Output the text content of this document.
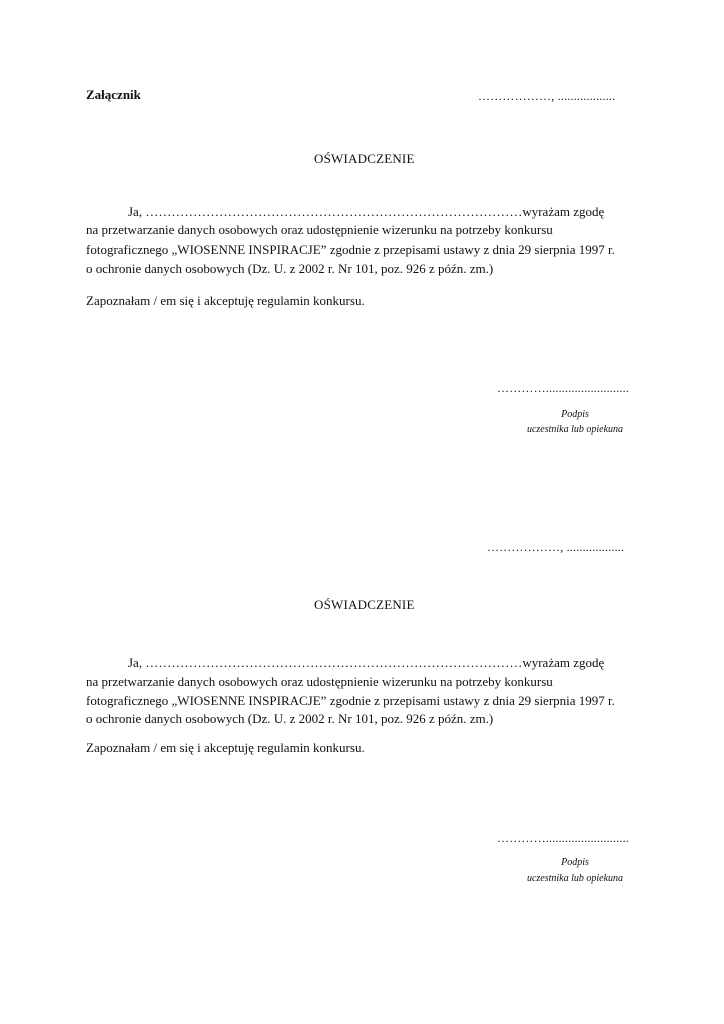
Załącznik	………………, ..................
OŚWIADCZENIE
Ja, ……………………………………………………………………………wyrażam zgodę
na przetwarzanie danych osobowych oraz udostępnienie wizerunku na potrzeby konkursu
fotograficznego „WIOSENNE INSPIRACJE” zgodnie z przepisami ustawy z dnia 29 sierpnia 1997 r.
o ochronie danych osobowych (Dz. U. z 2002 r. Nr 101, poz. 926 z późn. zm.)
Zapoznałam / em się i akceptuję regulamin konkursu.
…………..........................
Podpis
uczestnika lub opiekuna
………………, ..................
OŚWIADCZENIE
Ja, ……………………………………………………………………………wyrażam zgodę
na przetwarzanie danych osobowych oraz udostępnienie wizerunku na potrzeby konkursu
fotograficznego „WIOSENNE INSPIRACJE” zgodnie z przepisami ustawy z dnia 29 sierpnia 1997 r.
o ochronie danych osobowych (Dz. U. z 2002 r. Nr 101, poz. 926 z późn. zm.)
Zapoznałam / em się i akceptuję regulamin konkursu.
…………..........................
Podpis
uczestnika lub opiekuna
